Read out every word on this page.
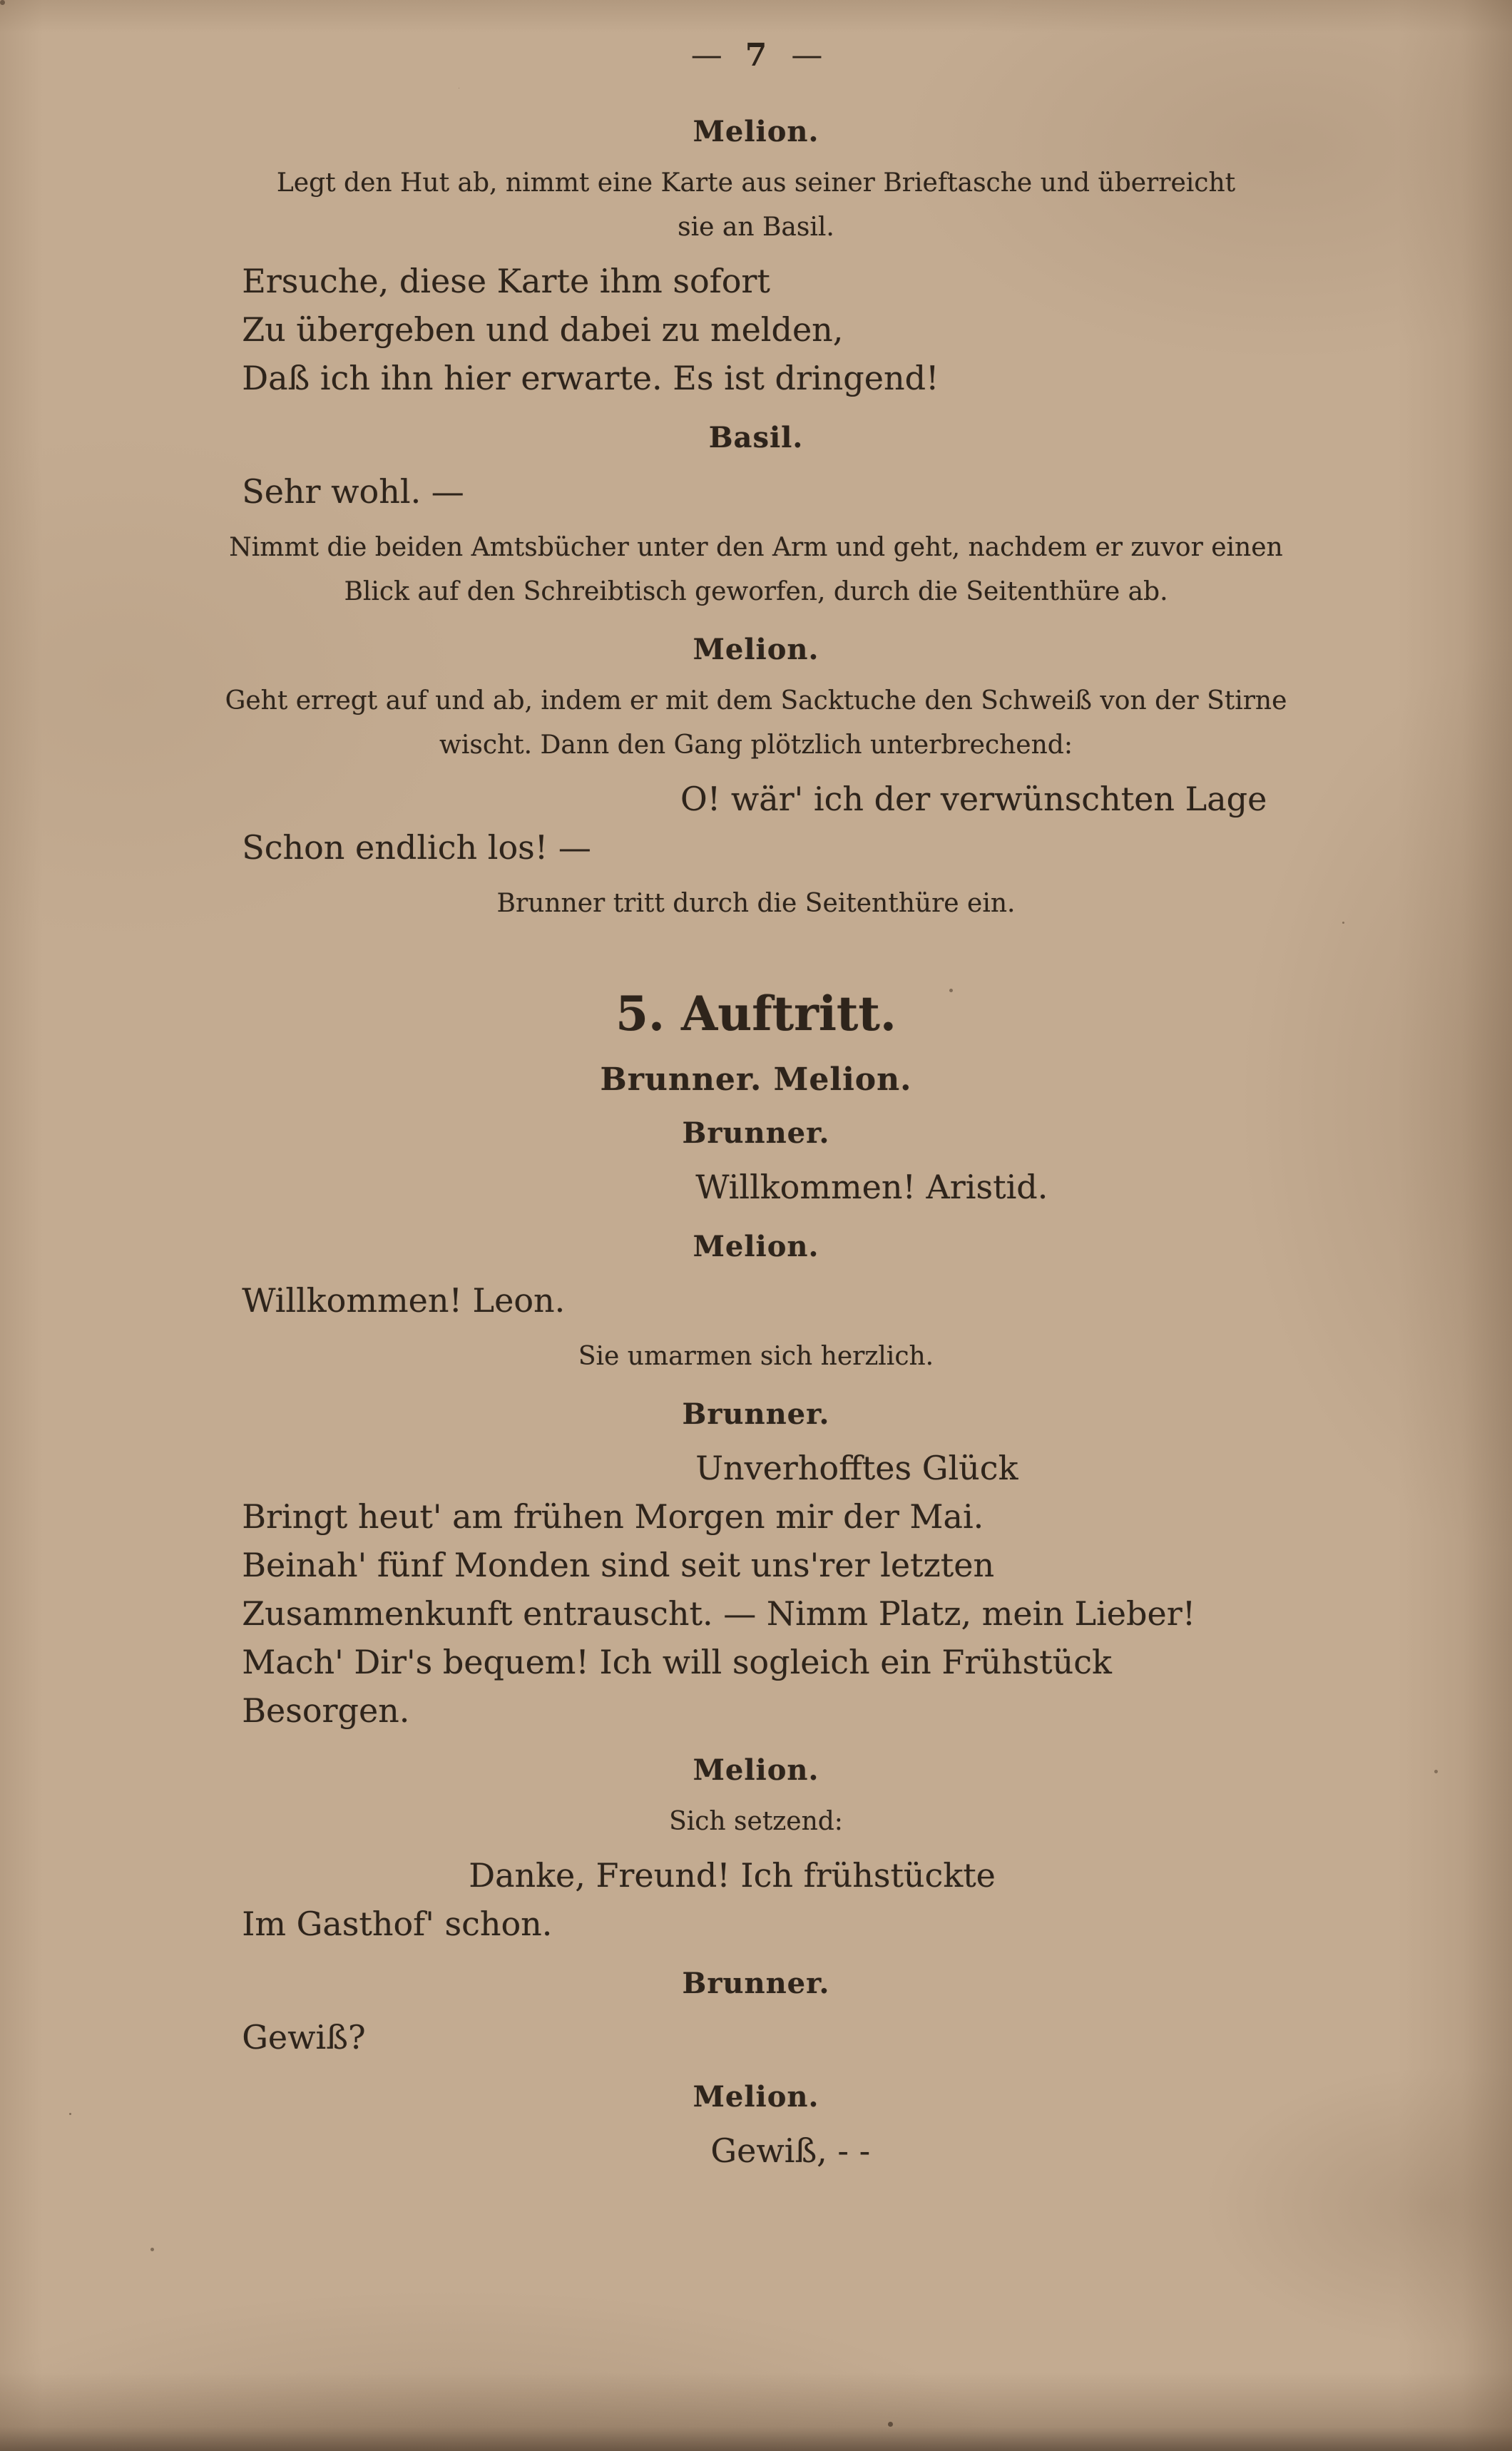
— 7 —
Melion.
Legt den Hut ab, nimmt eine Karte aus seiner Brieftasche und überreicht
sie an Basil.
Ersuche, diese Karte ihm sofort
Zu übergeben und dabei zu melden,
Daß ich ihn hier erwarte. Es ist dringend!
Basil.
Sehr wohl. —
Nimmt die beiden Amtsbücher unter den Arm und geht, nachdem er zuvor einen
Blick auf den Schreibtisch geworfen, durch die Seitenthüre ab.
Melion.
Geht erregt auf und ab, indem er mit dem Sacktuche den Schweiß von der Stirne
wischt. Dann den Gang plötzlich unterbrechend:
O! wär' ich der verwünschten Lage
Schon endlich los! —
Brunner tritt durch die Seitenthüre ein.
5. Auftritt.
Brunner. Melion.
Brunner.
Willkommen! Aristid.
Melion.
Willkommen! Leon.
Sie umarmen sich herzlich.
Brunner.
Unverhofftes Glück
Bringt heut' am frühen Morgen mir der Mai.
Beinah' fünf Monden sind seit uns'rer letzten
Zusammenkunft entrauscht. — Nimm Platz, mein Lieber!
Mach' Dir's bequem! Ich will sogleich ein Frühstück
Besorgen.
Melion.
Sich setzend:
Danke, Freund! Ich frühstückte
Im Gasthof' schon.
Brunner.
Gewiß?
Melion.
Gewiß, - -
